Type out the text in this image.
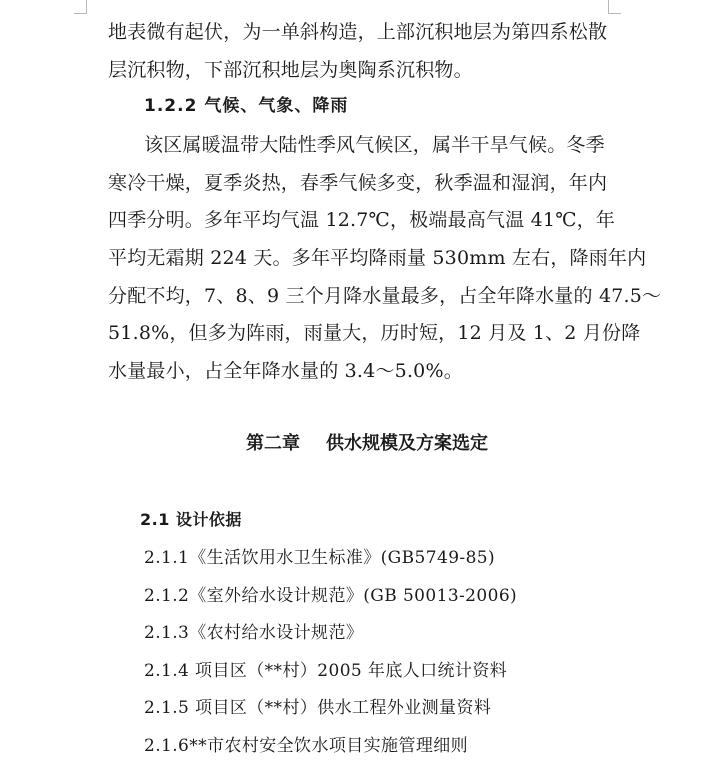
地表微有起伏，为一单斜构造，上部沉积地层为第四系松散
层沉积物，下部沉积地层为奥陶系沉积物。
1.2.2 气候、气象、降雨
该区属暖温带大陆性季风气候区，属半干旱气候。冬季
寒冷干燥，夏季炎热，春季气候多变，秋季温和湿润，年内
四季分明。多年平均气温 12.7℃，极端最高气温 41℃，年
平均无霜期 224 天。多年平均降雨量 530mm 左右，降雨年内
分配不均，7、8、9 三个月降水量最多，占全年降水量的 47.5～
51.8%，但多为阵雨，雨量大，历时短，12 月及 1、2 月份降
水量最小，占全年降水量的 3.4～5.0%。
第二章 供水规模及方案选定
2.1 设计依据
2.1.1《生活饮用水卫生标准》(GB5749-85)
2.1.2《室外给水设计规范》(GB 50013-2006)
2.1.3《农村给水设计规范》
2.1.4 项目区（**村）2005 年底人口统计资料
2.1.5 项目区（**村）供水工程外业测量资料
2.1.6**市农村安全饮水项目实施管理细则
